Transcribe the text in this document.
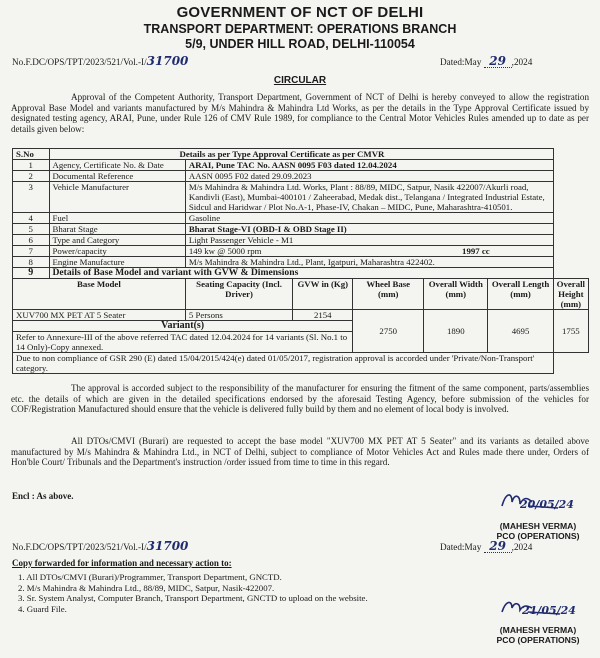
GOVERNMENT OF NCT OF DELHI
TRANSPORT DEPARTMENT: OPERATIONS BRANCH
5/9, UNDER HILL ROAD, DELHI-110054
No.F.DC/OPS/TPT/2023/521/Vol.-I/31700	Dated:May 29 ,2024
CIRCULAR
Approval of the Competent Authority, Transport Department, Government of NCT of Delhi is hereby conveyed to allow the registration Approval Base Model and variants manufactured by M/s Mahindra & Mahindra Ltd Works, as per the details in the Type Approval Certificate issued by designated testing agency, ARAI, Pune, under Rule 126 of CMV Rule 1989, for compliance to the Central Motor Vehicles Rules amended up to date as per details given below:
S.No	Details as per Type Approval Certificate as per CMVR						
1	Agency, Certificate No. & Date	ARAI, Pune TAC No. AASN 0095 F03 dated 12.04.2024					
2	Documental Reference	AASN 0095 F02 dated 29.09.2023					
3	Vehicle Manufacturer	M/s Mahindra & Mahindra Ltd. Works, Plant : 88/89, MIDC, Satpur, Nasik 422007/Akurli road, Kandivli (East), Mumbai-400101 / Zaheerabad, Medak dist., Telangana / Integrated Industrial Estate, Sidcul and Haridwar / Plot No.A-1, Phase-IV, Chakan – MIDC, Pune, Maharashtra-410501.					
4	Fuel	Gasoline					
5	Bharat Stage	Bharat Stage-VI (OBD-I & OBD Stage II)					
6	Type and Category	Light Passenger Vehicle - M1					
7	Power/capacity	149 kw @ 5000 rpm 1997 cc					

8	Engine Manufacture	M/s Mahindra & Mahindra Ltd., Plant, Igatpuri, Maharashtra 422402.					
9	Details of Base Model and variant with GVW & Dimensions						
Base Model		Seating Capacity (Incl. Driver)	GVW in (Kg)	Wheel Base (mm)	Overall Width (mm)	Overall Length (mm)	Overall Height (mm)
XUV700 MX PET AT 5 Seater		5 Persons	2154	2750	1890	4695	1755
Variant(s)							
Refer to Annexure-III of the above referred TAC dated 12.04.2024 for 14 variants (Sl. No.1 to 14 Only)-Copy annexed.							
Due to non compliance of GSR 290 (E) dated 15/04/2015/424(e) dated 01/05/2017, registration approval is accorded under 'Private/Non-Transport' category.							
The approval is accorded subject to the responsibility of the manufacturer for ensuring the fitment of the same component, parts/assemblies etc. the details of which are given in the detailed specifications endorsed by the aforesaid Testing Agency, before submission of the vehicles for COF/Registration Manufactured should ensure that the vehicle is delivered fully build by them and no element of local body is involved.
All DTOs/CMVI (Burari) are requested to accept the base model "XUV700 MX PET AT 5 Seater" and its variants as detailed above manufactured by M/s Mahindra & Mahindra Ltd., in NCT of Delhi, subject to compliance of Motor Vehicles Act and Rules made there under, Orders of Hon'ble Court/ Tribunals and the Department's instruction /order issued from time to time in this regard.
Encl : As above.
20/05/24
(MAHESH VERMA)
PCO (OPERATIONS)
No.F.DC/OPS/TPT/2023/521/Vol.-I/31700	Dated:May 29 ,2024
Copy forwarded for information and necessary action to:
1. All DTOs/CMVI (Burari)/Programmer, Transport Department, GNCTD.
2. M/s Mahindra & Mahindra Ltd., 88/89, MIDC, Satpur, Nasik-422007.
3. Sr. System Analyst, Computer Branch, Transport Department, GNCTD to upload on the website.
4. Guard File.	21/05/24
(MAHESH VERMA)
PCO (OPERATIONS)
